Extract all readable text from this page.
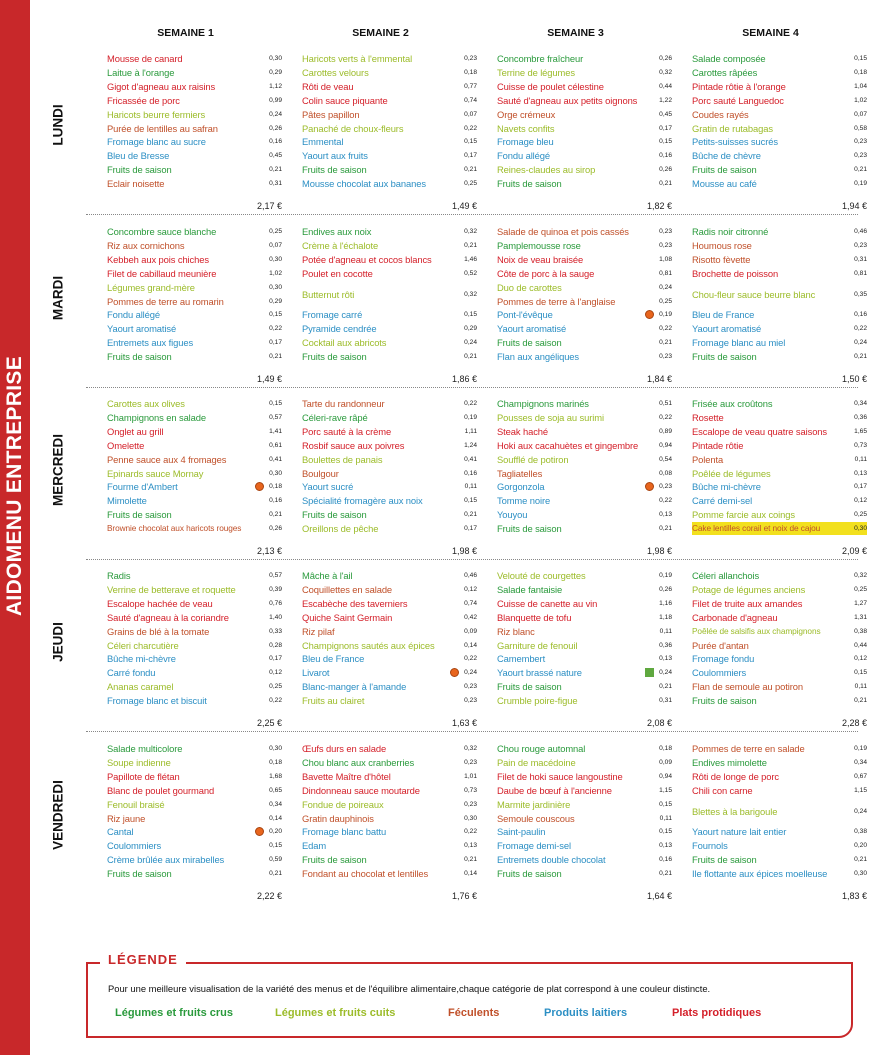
AIDOMENU ENTREPRISE
SEMAINE 1	SEMAINE 2	SEMAINE 3	SEMAINE 4
LUNDI
Mousse de canard	0,30
Laitue à l'orange	0,29
Gigot d'agneau aux raisins	1,12
Fricassée de porc	0,99
Haricots beurre fermiers	0,24
Purée de lentilles au safran	0,26
Fromage blanc au sucre	0,16
Bleu de Bresse	0,45
Fruits de saison	0,21
Eclair noisette	0,31
2,17 €
Haricots verts à l'emmental	0,23
Carottes velours	0,18
Rôti de veau	0,77
Colin sauce piquante	0,74
Pâtes papillon	0,07
Panaché de choux-fleurs	0,22
Emmental	0,15
Yaourt aux fruits	0,17
Fruits de saison	0,21
Mousse chocolat aux bananes	0,25
1,49 €
Concombre fraîcheur	0,26
Terrine de légumes	0,32
Cuisse de poulet célestine	0,44
Sauté d'agneau aux petits oignons	1,22
Orge crémeux	0,45
Navets confits	0,17
Fromage bleu	0,15
Fondu allégé	0,16
Reines-claudes au sirop	0,26
Fruits de saison	0,21
1,82 €
Salade composée	0,15
Carottes râpées	0,18
Pintade rôtie à l'orange	1,04
Porc sauté Languedoc	1,02
Coudes rayés	0,07
Gratin de rutabagas	0,58
Petits-suisses sucrés	0,23
Bûche de chèvre	0,23
Fruits de saison	0,21
Mousse au café	0,19
1,94 €
MARDI
Concombre sauce blanche	0,25
Riz aux cornichons	0,07
Kebbeh aux pois chiches	0,30
Filet de cabillaud meunière	1,02
Légumes grand-mère	0,30
Pommes de terre au romarin	0,29
Fondu allégé	0,15
Yaourt aromatisé	0,22
Entremets aux figues	0,17
Fruits de saison	0,21
1,49 €
Endives aux noix	0,32
Crème à l'échalote	0,21
Potée d'agneau et cocos blancs	1,46
Poulet en cocotte	0,52
Butternut rôti	0,32
Fromage carré	0,15
Pyramide cendrée	0,29
Cocktail aux abricots	0,24
Fruits de saison	0,21
1,86 €
Salade de quinoa et pois cassés	0,23
Pamplemousse rose	0,23
Noix de veau braisée	1,08
Côte de porc à la sauge	0,81
Duo de carottes	0,24
Pommes de terre à l'anglaise	0,25
Pont-l'évêque	0,19
Yaourt aromatisé	0,22
Fruits de saison	0,21
Flan aux angéliques	0,23
1,84 €
Radis noir citronné	0,46
Houmous rose	0,23
Risotto fèvette	0,31
Brochette de poisson	0,81
Chou-fleur sauce beurre blanc	0,35
Bleu de France	0,16
Yaourt aromatisé	0,22
Fromage blanc au miel	0,24
Fruits de saison	0,21
1,50 €
MERCREDI
Carottes aux olives	0,15
Champignons en salade	0,57
Onglet au grill	1,41
Omelette	0,61
Penne sauce aux 4 fromages	0,41
Epinards sauce Mornay	0,30
Fourme d'Ambert	0,18
Mimolette	0,16
Fruits de saison	0,21
Brownie chocolat aux haricots rouges	0,26
2,13 €
Tarte du randonneur	0,22
Céleri-rave râpé	0,19
Porc sauté à la crème	1,11
Rosbif sauce aux poivres	1,24
Boulettes de panais	0,41
Boulgour	0,16
Yaourt sucré	0,11
Spécialité fromagère aux noix	0,15
Fruits de saison	0,21
Oreillons de pêche	0,17
1,98 €
Champignons marinés	0,51
Pousses de soja au surimi	0,22
Steak haché	0,89
Hoki aux cacahuètes et gingembre	0,94
Soufflé de potiron	0,54
Tagliatelles	0,08
Gorgonzola	0,23
Tomme noire	0,22
Youyou	0,13
Fruits de saison	0,21
1,98 €
Frisée aux croûtons	0,34
Rosette	0,36
Escalope de veau quatre saisons	1,65
Pintade rôtie	0,73
Polenta	0,11
Poêlée de légumes	0,13
Bûche mi-chèvre	0,17
Carré demi-sel	0,12
Pomme farcie aux coings	0,25
Cake lentilles corail et noix de cajou	0,30
2,09 €
JEUDI
Radis	0,57
Verrine de betterave et roquette	0,39
Escalope hachée de veau	0,76
Sauté d'agneau à la coriandre	1,40
Grains de blé à la tomate	0,33
Céleri charcutière	0,28
Bûche mi-chèvre	0,17
Carré fondu	0,12
Ananas caramel	0,25
Fromage blanc et biscuit	0,22
2,25 €
Mâche à l'ail	0,46
Coquillettes en salade	0,12
Escabèche des taverniers	0,74
Quiche Saint Germain	0,42
Riz pilaf	0,09
Champignons sautés aux épices	0,14
Bleu de France	0,22
Livarot	0,24
Blanc-manger à l'amande	0,23
Fruits au clairet	0,23
1,63 €
Velouté de courgettes	0,19
Salade fantaisie	0,26
Cuisse de canette au vin	1,16
Blanquette de tofu	1,18
Riz blanc	0,11
Garniture de fenouil	0,36
Camembert	0,13
Yaourt brassé nature	0,24
Fruits de saison	0,21
Crumble poire-figue	0,31
2,08 €
Céleri allanchois	0,32
Potage de légumes anciens	0,25
Filet de truite aux amandes	1,27
Carbonade d'agneau	1,31
Poêlée de salsifis aux champignons	0,38
Purée d'antan	0,44
Fromage fondu	0,12
Coulommiers	0,15
Flan de semoule au potiron	0,11
Fruits de saison	0,21
2,28 €
VENDREDI
Salade multicolore	0,30
Soupe indienne	0,18
Papillote de flétan	1,68
Blanc de poulet gourmand	0,65
Fenouil braisé	0,34
Riz jaune	0,14
Cantal	0,20
Coulommiers	0,15
Crème brûlée aux mirabelles	0,59
Fruits de saison	0,21
2,22 €
Œufs durs en salade	0,32
Chou blanc aux cranberries	0,23
Bavette Maître d'hôtel	1,01
Dindonneau sauce moutarde	0,73
Fondue de poireaux	0,23
Gratin dauphinois	0,30
Fromage blanc battu	0,22
Edam	0,13
Fruits de saison	0,21
Fondant au chocolat et lentilles	0,14
1,76 €
Chou rouge automnal	0,18
Pain de macédoine	0,09
Filet de hoki sauce langoustine	0,94
Daube de bœuf à l'ancienne	1,15
Marmite jardinière	0,15
Semoule couscous	0,11
Saint-paulin	0,15
Fromage demi-sel	0,13
Entremets double chocolat	0,16
Fruits de saison	0,21
1,64 €
Pommes de terre en salade	0,19
Endives mimolette	0,34
Rôti de longe de porc	0,67
Chili con carne	1,15
Blettes à la barigoule	0,24
Yaourt nature lait entier	0,38
Fournols	0,20
Fruits de saison	0,21
Ile flottante aux épices moelleuse	0,30
1,83 €
LÉGENDE
Pour une meilleure visualisation de la variété des menus et de l'équilibre alimentaire,chaque catégorie de plat correspond à une couleur distincte.
Légumes et fruits crus	Légumes et fruits cuits	Féculents	Produits laitiers	Plats protidiques
